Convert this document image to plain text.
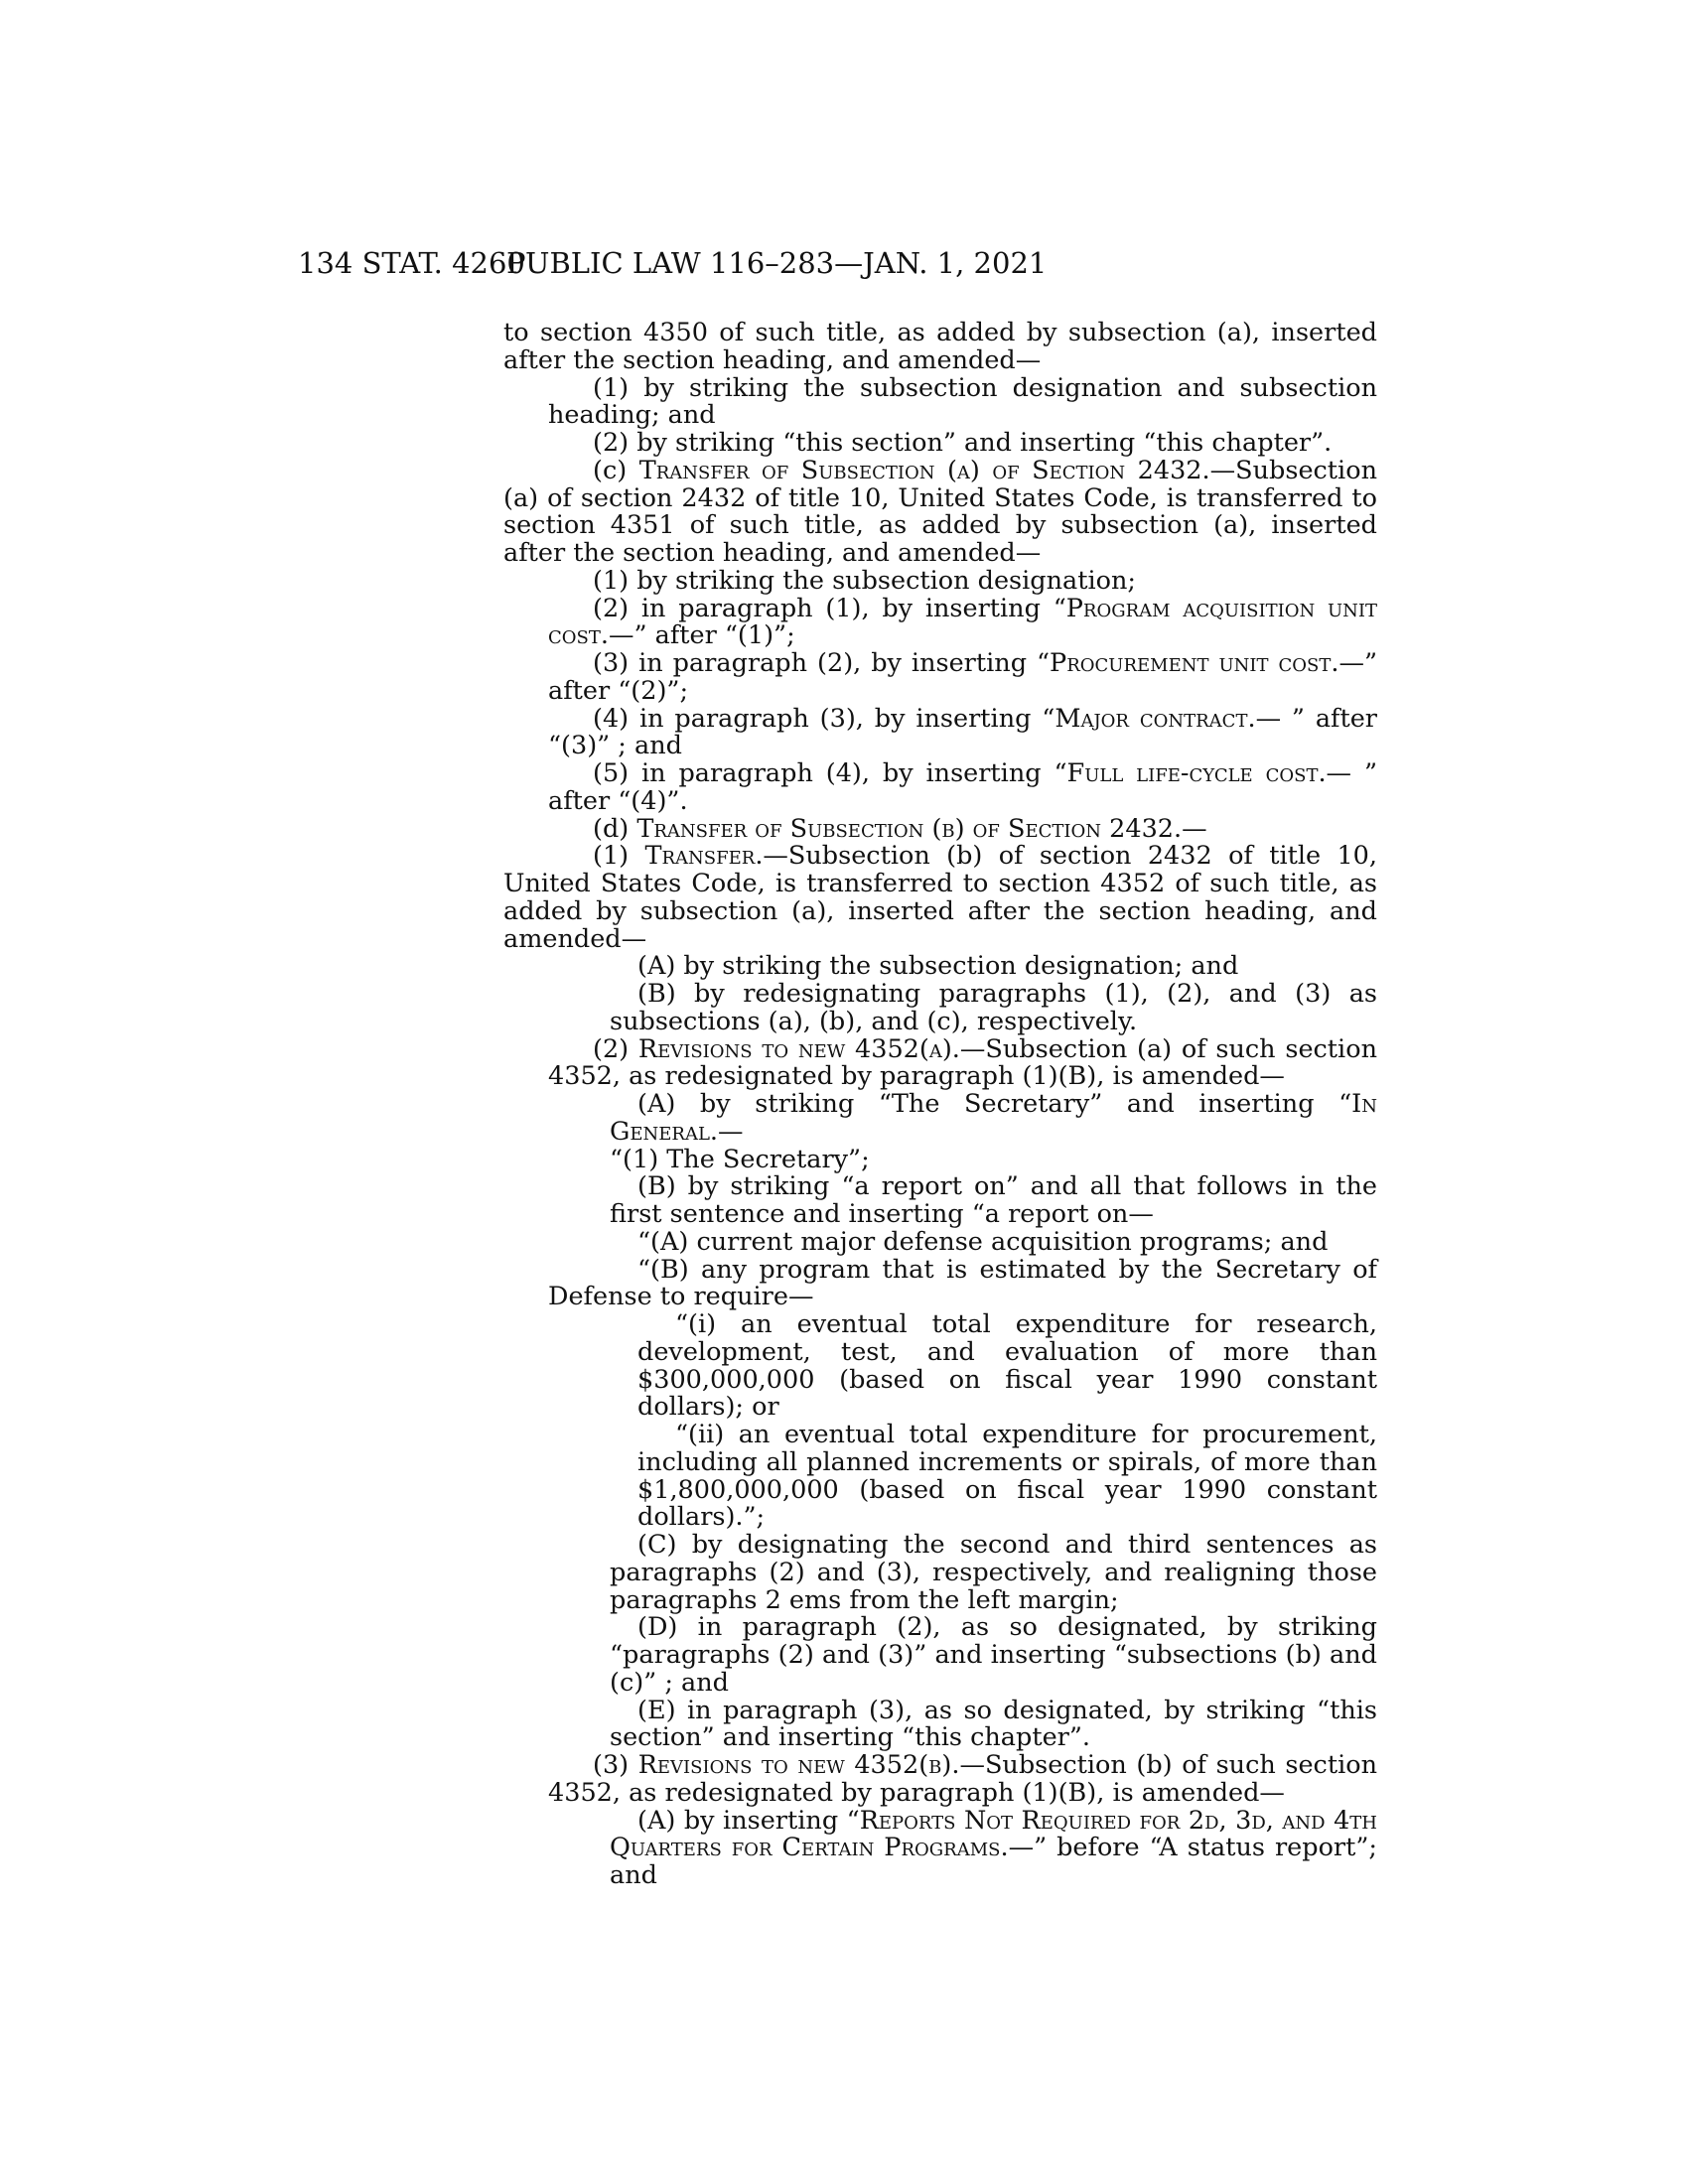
134 STAT. 4260
PUBLIC LAW 116–283—JAN. 1, 2021

to section 4350 of such title, as added by subsection (a), inserted after the section heading, and amended—

(1) by striking the subsection designation and subsection heading; and

(2) by striking “this section” and inserting “this chapter”.

(c) Transfer of Subsection (a) of Section 2432.—Subsection (a) of section 2432 of title 10, United States Code, is transferred to section 4351 of such title, as added by subsection (a), inserted after the section heading, and amended—

(1) by striking the subsection designation;

(2) in paragraph (1), by inserting “Program acquisition unit cost.—” after “(1)”;

(3) in paragraph (2), by inserting “Procurement unit cost.—” after “(2)”;

(4) in paragraph (3), by inserting “Major contract.— ” after “(3)” ; and

(5) in paragraph (4), by inserting “Full life-cycle cost.— ” after “(4)”.

(d) Transfer of Subsection (b) of Section 2432.—

(1) Transfer.—Subsection (b) of section 2432 of title 10, United States Code, is transferred to section 4352 of such title, as added by subsection (a), inserted after the section heading, and amended—

(A) by striking the subsection designation; and

(B) by redesignating paragraphs (1), (2), and (3) as subsections (a), (b), and (c), respectively.

(2) Revisions to new 4352(a).—Subsection (a) of such section 4352, as redesignated by paragraph (1)(B), is amended—

(A) by striking “The Secretary” and inserting “In General.—

“(1) The Secretary”;

(B) by striking “a report on” and all that follows in the first sentence and inserting “a report on—

“(A) current major defense acquisition programs; and

“(B) any program that is estimated by the Secretary of Defense to require—

“(i) an eventual total expenditure for research, development, test, and evaluation of more than $300,000,000 (based on fiscal year 1990 constant dollars); or

“(ii) an eventual total expenditure for procurement, including all planned increments or spirals, of more than $1,800,000,000 (based on fiscal year 1990 constant dollars).”;

(C) by designating the second and third sentences as paragraphs (2) and (3), respectively, and realigning those paragraphs 2 ems from the left margin;

(D) in paragraph (2), as so designated, by striking “paragraphs (2) and (3)” and inserting “subsections (b) and (c)” ; and

(E) in paragraph (3), as so designated, by striking “this section” and inserting “this chapter”.

(3) Revisions to new 4352(b).—Subsection (b) of such section 4352, as redesignated by paragraph (1)(B), is amended—

(A) by inserting “Reports Not Required for 2d, 3d, and 4th Quarters for Certain Programs.—” before “A status report”; and
